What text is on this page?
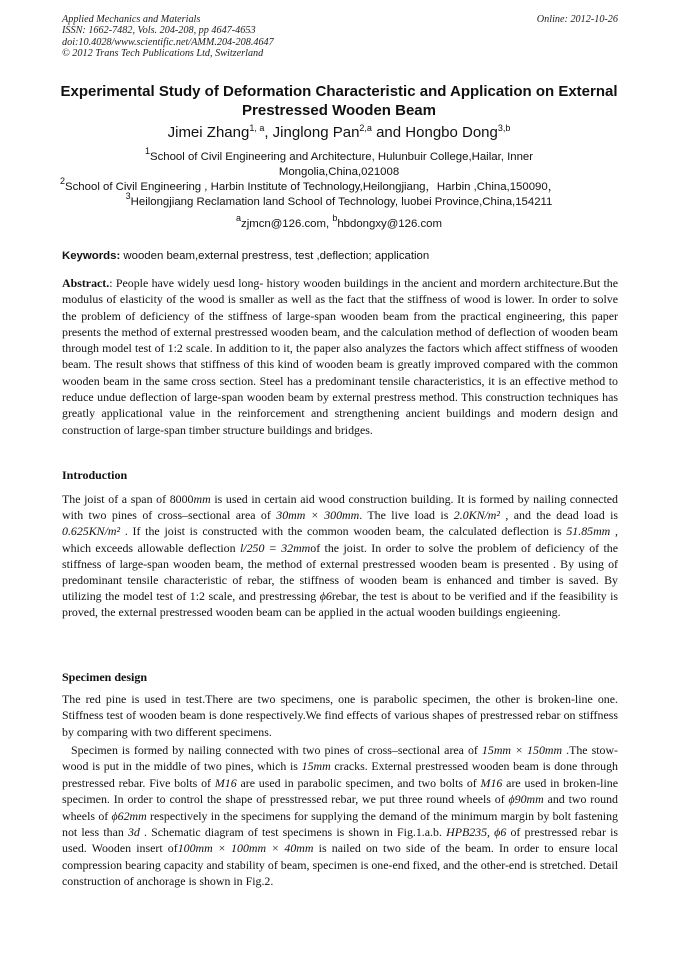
Applied Mechanics and Materials
ISSN: 1662-7482, Vols. 204-208, pp 4647-4653
doi:10.4028/www.scientific.net/AMM.204-208.4647
© 2012 Trans Tech Publications Ltd, Switzerland
Online: 2012-10-26
Experimental Study of Deformation Characteristic and Application on External Prestressed Wooden Beam
Jimei Zhang$^{1, a}$, Jinglong Pan$^{2,a}$ and Hongbo Dong$^{3,b}$
$^1$School of Civil Engineering and Architecture, Hulunbuir College,Hailar, Inner Mongolia,China,021008
$^2$School of Civil Engineering , Harbin Institute of Technology,Heilongjiang，Harbin ,China,150090，
$^3$Heilongjiang Reclamation land School of Technology, luobei Province,China,154211
$^a$zjmcn@126.com, $^b$hbdongxy@126.com
Keywords: wooden beam,external prestress, test ,deflection; application
Abstract.: People have widely uesd long- history wooden buildings in the ancient and mordern architecture.But the modulus of elasticity of the wood is smaller as well as the fact that the stiffness of wood is lower. In order to solve the problem of deficiency of the stiffness of large-span wooden beam from the practical engineering, this paper presents the method of external prestressed wooden beam, and the calculation method of deflection of wooden beam through model test of 1:2 scale. In addition to it, the paper also analyzes the factors which affect stiffness of wooden beam. The result shows that stiffness of this kind of wooden beam is greatly improved compared with the common wooden beam in the same cross section. Steel has a predominant tensile characteristics, it is an effective method to reduce undue deflection of large-span wooden beam by external prestress method. This construction techniques has greatly applicational value in the reinforcement and strengthening ancient buildings and modern design and construction of large-span timber structure buildings and bridges.
Introduction
The joist of a span of 8000mm is used in certain aid wood construction building. It is formed by nailing connected with two pines of cross–sectional area of 30mm × 300mm. The live load is 2.0KN/m² , and the dead load is 0.625KN/m² . If the joist is constructed with the common wooden beam, the calculated deflection is 51.85mm , which exceeds allowable deflection l/250 = 32mmof the joist. In order to solve the problem of deficiency of the stiffness of large-span wooden beam, the method of external prestressed wooden beam is presented . By using of predominant tensile characteristic of rebar, the stiffness of wooden beam is enhanced and timber is saved. By utilizing the model test of 1:2 scale, and prestressing ϕ6rebar, the test is about to be verified and if the feasibility is proved, the external prestressed wooden beam can be applied in the actual wooden buildings engieening.
Specimen design
The red pine is used in test.There are two specimens, one is parabolic specimen, the other is broken-line one. Stiffness test of wooden beam is done respectively.We find effects of various shapes of prestressed rebar on stiffness by comparing with two different specimens.
Specimen is formed by nailing connected with two pines of cross–sectional area of 15mm × 150mm .The stow-wood is put in the middle of two pines, which is 15mm cracks. External prestressed wooden beam is done through prestressed rebar. Five bolts of M16 are used in parabolic specimen, and two bolts of M16 are used in broken-line specimen. In order to control the shape of presstressed rebar, we put three round wheels of ϕ90mm and two round wheels of ϕ62mm respectively in the specimens for supplying the demand of the minimum margin by bolt fastening not less than 3d . Schematic diagram of test specimens is shown in Fig.1.a.b. HPB235, ϕ6 of prestressed rebar is used. Wooden insert of100mm × 100mm × 40mm is nailed on two side of the beam. In order to ensure local compression bearing capacity and stability of beam, specimen is one-end fixed, and the other-end is stretched. Detail construction of anchorage is shown in Fig.2.
